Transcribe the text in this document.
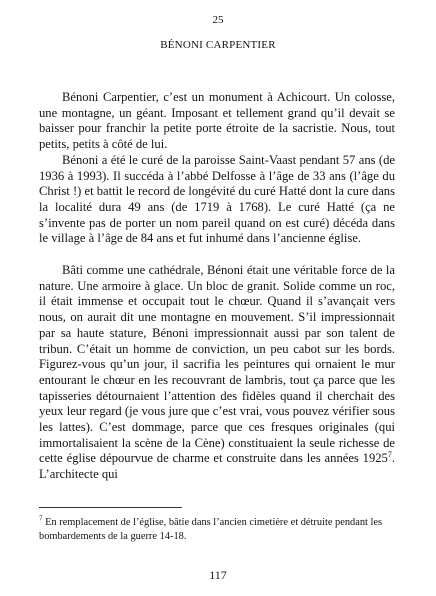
25
BÉNONI CARPENTIER

Bénoni Carpentier, c’est un monument à Achicourt. Un colosse, une montagne, un géant. Imposant et tellement grand qu’il devait se baisser pour franchir la petite porte étroite de la sacristie. Nous, tout petits, petits à côté de lui.

Bénoni a été le curé de la paroisse Saint-Vaast pendant 57 ans (de 1936 à 1993). Il succéda à l’abbé Delfosse à l’âge de 33 ans (l’âge du Christ !) et battit le record de longévité du curé Hatté dont la cure dans la localité dura 49 ans (de 1719 à 1768). Le curé Hatté (ça ne s’invente pas de porter un nom pareil quand on est curé) décéda dans le village à l’âge de 84 ans et fut inhumé dans l’ancienne église.

Bâti comme une cathédrale, Bénoni était une véritable force de la nature. Une armoire à glace. Un bloc de granit. Solide comme un roc, il était immense et occupait tout le chœur. Quand il s’avançait vers nous, on aurait dit une montagne en mouvement. S’il impressionnait par sa haute stature, Bénoni impressionnait aussi par son talent de tribun. C’était un homme de conviction, un peu cabot sur les bords. Figurez-vous qu’un jour, il sacrifia les peintures qui ornaient le mur entourant le chœur en les recouvrant de lambris, tout ça parce que les tapisseries détournaient l’attention des fidèles quand il cherchait des yeux leur regard (je vous jure que c’est vrai, vous pouvez vérifier sous les lattes). C’est dommage, parce que ces fresques originales (qui immortalisaient la scène de la Cène) constituaient la seule richesse de cette église dépourvue de charme et construite dans les années 1925$^7$. L’architecte qui

$^7$ En remplacement de l’église, bâtie dans l’ancien cimetière et détruite pendant les bombardements de la guerre 14-18.
117
